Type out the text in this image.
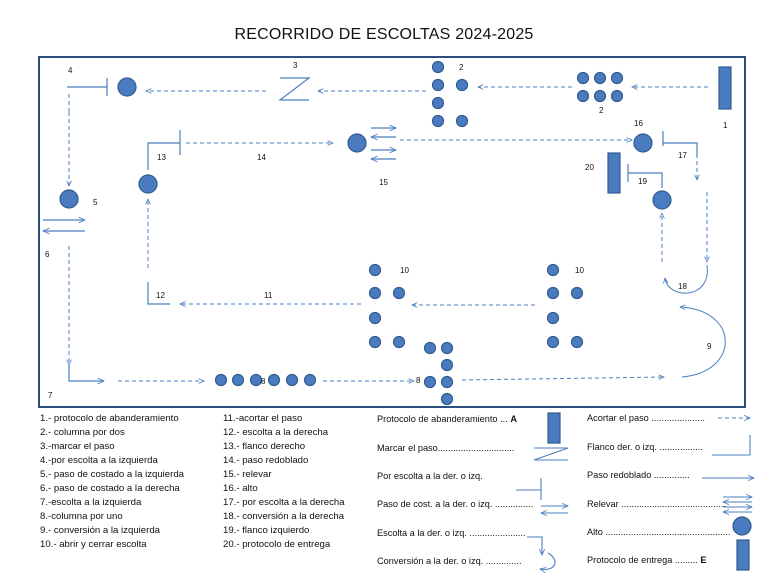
RECORRIDO DE ESCOLTAS 2024-2025
1
2
2
3
4
5
6
7
8	8
9
10	10
11
12
13	14
15
16
17
18
19
20
1.- protocolo de abanderamiento
2.- columna por dos
3.-marcar el paso
4.-por escolta a la izquierda
5.- paso de costado a la izquierda
6.- paso de costado a la derecha
7.-escolta a la izquierda
8.-columna por uno
9.- conversión a la izquierda
10.- abrir y cerrar escolta
11.-acortar el paso
12.- escolta a la derecha
13.- flanco derecho
14.- paso redoblado
15.- relevar
16.- alto
17.- por escolta a la derecha
18.- conversión a la derecha
19.- flanco izquierdo
20.- protocolo de entrega
Protocolo de abanderamiento ... A
Marcar el paso..............................
Por escolta a la der. o izq.
Paso de cost. a la der. o izq. ...............
Escolta a la der. o izq. ......................
Conversión a la der. o izq. ..............
Acortar el paso .....................
Flanco der. o izq. .................
Paso redoblado ..............
Relevar .........................................
Alto .................................................
Protocolo de entrega ......... E
